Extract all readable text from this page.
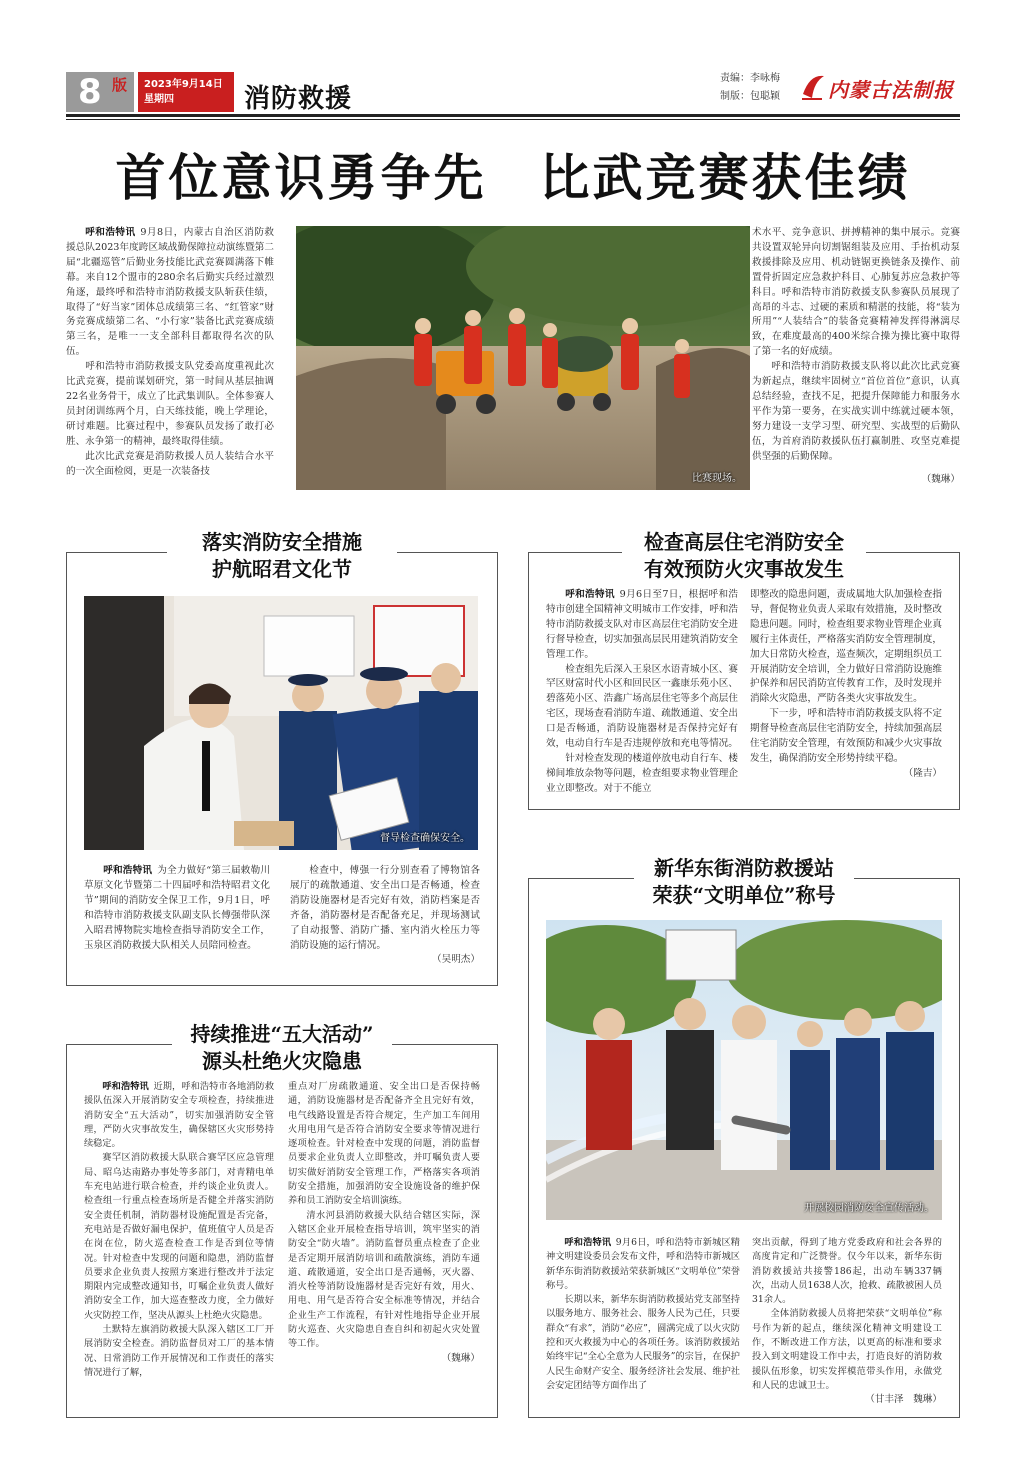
8 版 2023年9月14日
星期四	消防救援
责编：李咏梅
制版：包聪颖 内蒙古法制报
首位意识勇争先　比武竞赛获佳绩

呼和浩特讯  9月8日，内蒙古自治区消防救援总队2023年度跨区域战勤保障拉动演练暨第二届“北疆巡管”后勤业务技能比武竞赛圆满落下帷幕。来自12个盟市的280余名后勤实兵经过激烈角逐，最终呼和浩特市消防救援支队斩获佳绩，取得了“好当家”团体总成绩第三名、“红管家”财务竞赛成绩第二名、“小行家”装备比武竞赛成绩第三名，是唯一一支全部科目都取得名次的队伍。

呼和浩特市消防救援支队党委高度重视此次比武竞赛，提前谋划研究，第一时间从基层抽调22名业务骨干，成立了比武集训队。全体参赛人员封闭训练两个月，白天练技能，晚上学理论，研讨难题。比赛过程中，参赛队员发扬了敢打必胜、永争第一的精神，最终取得佳绩。

此次比武竞赛是消防救援人员人装结合水平的一次全面检阅，更是一次装备技

比赛现场。

术水平、竞争意识、拼搏精神的集中展示。竞赛共设置双轮异向切割锯组装及应用、手抬机动泵救援排除及应用、机动链锯更换链条及操作、前置骨折固定应急救护科目、心肺复苏应急救护等科目。呼和浩特市消防救援支队参赛队员展现了高昂的斗志、过硬的素质和精湛的技能，将“装为所用”“人装结合”的装备竞赛精神发挥得淋漓尽致，在难度最高的400米综合操为操比赛中取得了第一名的好成绩。

呼和浩特市消防救援支队将以此次比武竞赛为新起点，继续牢固树立“首位首位”意识，认真总结经验，查找不足，把提升保障能力和服务水平作为第一要务，在实战实训中练就过硬本领，努力建设一支学习型、研究型、实战型的后勤队伍，为首府消防救援队伍打赢制胜、攻坚克难提供坚强的后勤保障。

（魏琳）

落实消防安全措施
护航昭君文化节
督导检查确保安全。

呼和浩特讯  为全力做好“第三届敕勒川草原文化节暨第二十四届呼和浩特昭君文化节”期间的消防安全保卫工作，9月1日，呼和浩特市消防救援支队副支队长傅强带队深入昭君博物院实地检查指导消防安全工作，玉泉区消防救援大队相关人员陪同检查。

检查中，傅强一行分别查看了博物馆各展厅的疏散通道、安全出口是否畅通，检查消防设施器材是否完好有效，消防档案是否齐备，消防器材是否配备充足，并现场测试了自动报警、消防广播、室内消火栓压力等消防设施的运行情况。

（吴明杰）

检查高层住宅消防安全
有效预防火灾事故发生

呼和浩特讯  9月6日至7日，根据呼和浩特市创建全国精神文明城市工作安排，呼和浩特市消防救援支队对市区高层住宅消防安全进行督导检查，切实加强高层民用建筑消防安全管理工作。

检查组先后深入王泉区水语青城小区、赛罕区财富时代小区和回民区一鑫康乐苑小区、碧落苑小区、浩鑫广场高层住宅等多个高层住宅区，现场查看消防车道、疏散通道、安全出口是否畅通，消防设施器材是否保持完好有效，电动自行车是否违规停放和充电等情况。

针对检查发现的楼道停放电动自行车、楼梯间堆放杂物等问题，检查组要求物业管理企业立即整改。对于不能立

即整改的隐患问题，责成属地大队加强检查指导，督促物业负责人采取有效措施，及时整改隐患问题。同时，检查组要求物业管理企业真履行主体责任，严格落实消防安全管理制度，加大日常防火检查，巡查频次，定期组织员工开展消防安全培训，全力做好日常消防设施维护保养和居民消防宣传教育工作，及时发现并消除火灾隐患，严防各类火灾事故发生。

下一步，呼和浩特市消防救援支队将不定期督导检查高层住宅消防安全，持续加强高层住宅消防安全管理，有效预防和减少火灾事故发生，确保消防安全形势持续平稳。

（隆吉）

持续推进“五大活动”
源头杜绝火灾隐患

呼和浩特讯  近期，呼和浩特市各地消防救援队伍深入开展消防安全专项检查，持续推进消防安全“五大活动”，切实加强消防安全管理，严防火灾事故发生，确保辖区火灾形势持续稳定。

赛罕区消防救援大队联合赛罕区应急管理局、昭乌达南路办事处等多部门，对青精电单车充电站进行联合检查，并约谈企业负责人。检查组一行重点检查场所是否健全并落实消防安全责任机制，消防器材设施配置是否完备，充电站是否做好漏电保护，值班值守人员是否在岗在位，防火巡查检查工作是否到位等情况。针对检查中发现的问题和隐患，消防监督员要求企业负责人按照方案进行整改并于法定期限内完成整改通知书，叮嘱企业负责人做好消防安全工作，加大巡查整改力度，全力做好火灾防控工作，坚决从源头上杜绝火灾隐患。

土默特左旗消防救援大队深入辖区工厂开展消防安全检查。消防监督员对工厂的基本情况、日常消防工作开展情况和工作责任的落实情况进行了解，

重点对厂房疏散通道、安全出口是否保持畅通，消防设施器材是否配备齐全且完好有效，电气线路设置是否符合规定，生产加工车间用火用电用气是否符合消防安全要求等情况进行逐项检查。针对检查中发现的问题，消防监督员要求企业负责人立即整改，并叮嘱负责人要切实做好消防安全管理工作，严格落实各项消防安全措施，加强消防安全设施设备的维护保养和员工消防安全培训演练。

清水河县消防救援大队结合辖区实际，深入辖区企业开展检查指导培训，筑牢坚实的消防安全“防火墙”。消防监督员重点检查了企业是否定期开展消防培训和疏散演练，消防车通道、疏散通道，安全出口是否通畅，灭火器、消火栓等消防设施器材是否完好有效，用火、用电、用气是否符合安全标准等情况，并结合企业生产工作流程，有针对性地指导企业开展防火巡查、火灾隐患自查自纠和初起火灾处置等工作。

（魏琳）

新华东街消防救援站
荣获“文明单位”称号
开展校园消防安全宣传活动。

呼和浩特讯  9月6日，呼和浩特市新城区精神文明建设委员会发布文件，呼和浩特市新城区新华东街消防救援站荣获新城区“文明单位”荣誉称号。

长期以来，新华东街消防救援站党支部坚持以服务地方、服务社会、服务人民为己任，只要群众“有求”，消防“必应”，圆满完成了以火灾防控和灭火救援为中心的各项任务。该消防救援站始终牢记“全心全意为人民服务”的宗旨，在保护人民生命财产安全、服务经济社会发展、维护社会安定团结等方面作出了

突出贡献，得到了地方党委政府和社会各界的高度肯定和广泛赞誉。仅今年以来，新华东街消防救援站共接警186起，出动车辆337辆次，出动人员1638人次，抢救、疏散被困人员31余人。

全体消防救援人员将把荣获“文明单位”称号作为新的起点，继续深化精神文明建设工作，不断改进工作方法，以更高的标准和要求投入到文明建设工作中去，打造良好的消防救援队伍形象，切实发挥模范带头作用，永做党和人民的忠诚卫士。

（甘丰泽　魏琳）
